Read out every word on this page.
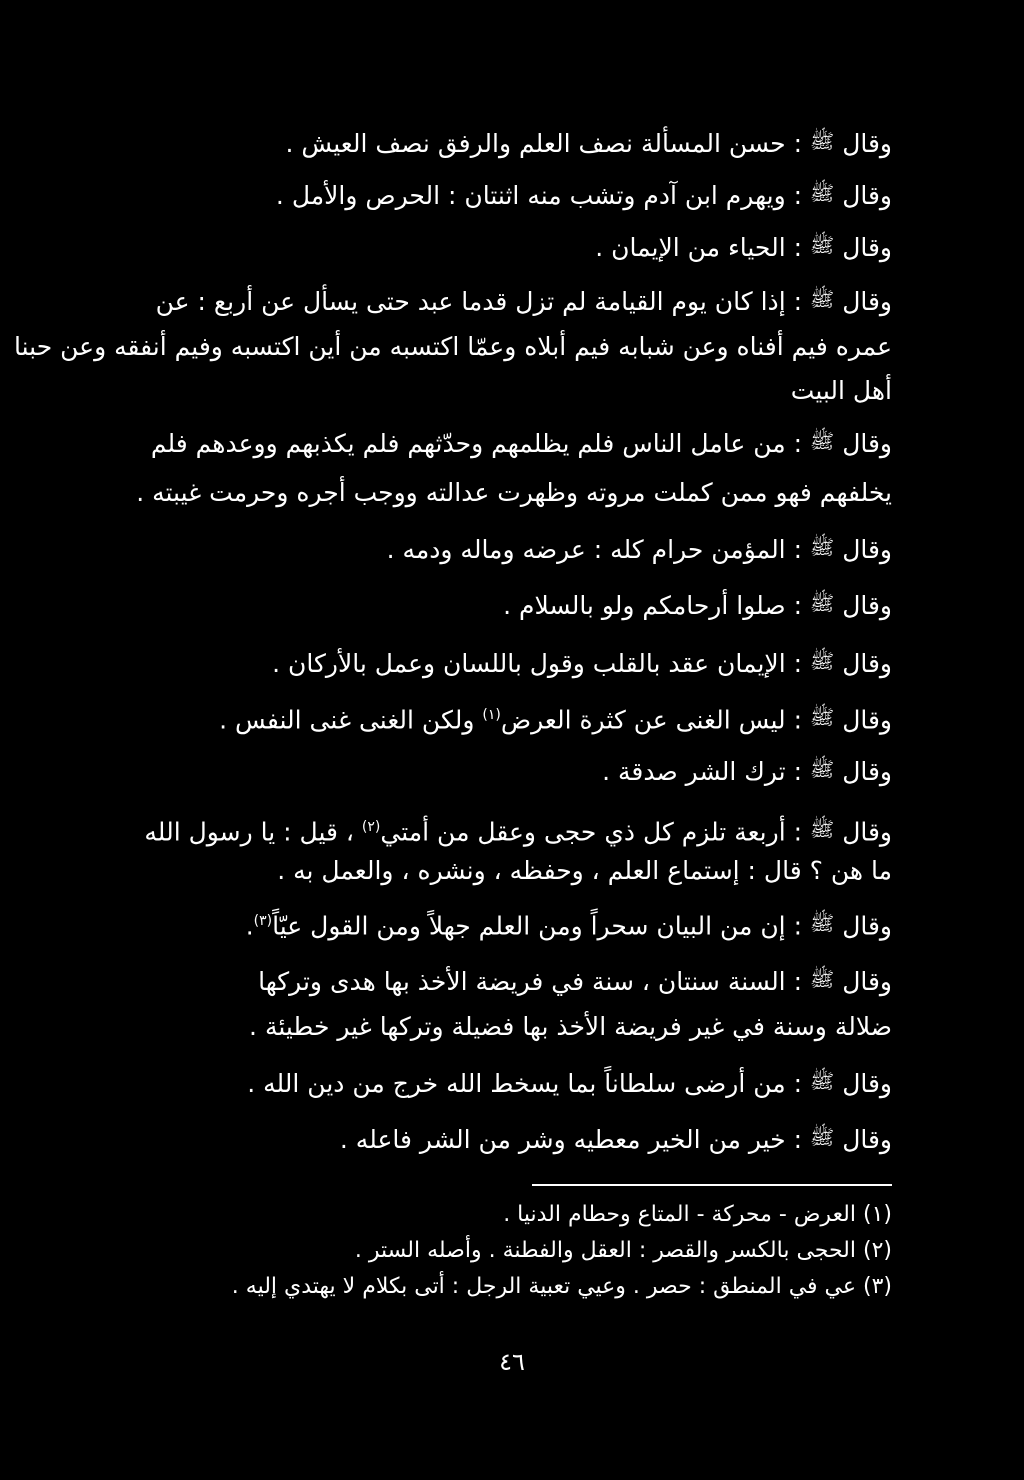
وقالﷺ: حسن المسألة نصف العلم والرفق نصف العيش .
وقالﷺ: ويهرم ابن آدم وتشب منه اثنتان : الحرص والأمل .
وقالﷺ: الحياء من الإيمان .
وقالﷺ: إذا كان يوم القيامة لم تزل قدما عبد حتى يسأل عن أربع : عن
عمره فيم أفناه وعن شبابه فيم أبلاه وعمّا اكتسبه من أين اكتسبه وفيم أنفقه وعن حبنا
أهل البيت
وقالﷺ: من عامل الناس فلم يظلمهم وحدّثهم فلم يكذبهم ووعدهم فلم
يخلفهم فهو ممن كملت مروته وظهرت عدالته ووجب أجره وحرمت غيبته .
وقالﷺ: المؤمن حرام كله : عرضه وماله ودمه .
وقالﷺ: صلوا أرحامكم ولو بالسلام .
وقالﷺ: الإيمان عقد بالقلب وقول باللسان وعمل بالأركان .
وقالﷺ: ليس الغنى عن كثرة العرض$^{(١)}$ ولكن الغنى غنى النفس .
وقالﷺ: ترك الشر صدقة .
وقالﷺ: أربعة تلزم كل ذي حجى وعقل من أمتي$^{(٢)}$ ، قيل : يا رسول الله
ما هن ؟ قال : إستماع العلم ، وحفظه ، ونشره ، والعمل به .
وقالﷺ: إن من البيان سحراً ومن العلم جهلاً ومن القول عيّاً$^{(٣)}$.
وقالﷺ: السنة سنتان ، سنة في فريضة الأخذ بها هدى وتركها
ضلالة وسنة في غير فريضة الأخذ بها فضيلة وتركها غير خطيئة .
وقالﷺ: من أرضى سلطاناً بما يسخط الله خرج من دين الله .
وقالﷺ: خير من الخير معطيه وشر من الشر فاعله .
(١) العرض - محركة - المتاع وحطام الدنيا .
(٢) الحجى بالكسر والقصر : العقل والفطنة . وأصله الستر .
(٣) عي في المنطق : حصر . وعيي تعبية الرجل : أتى بكلام لا يهتدي إليه .
٤٦
